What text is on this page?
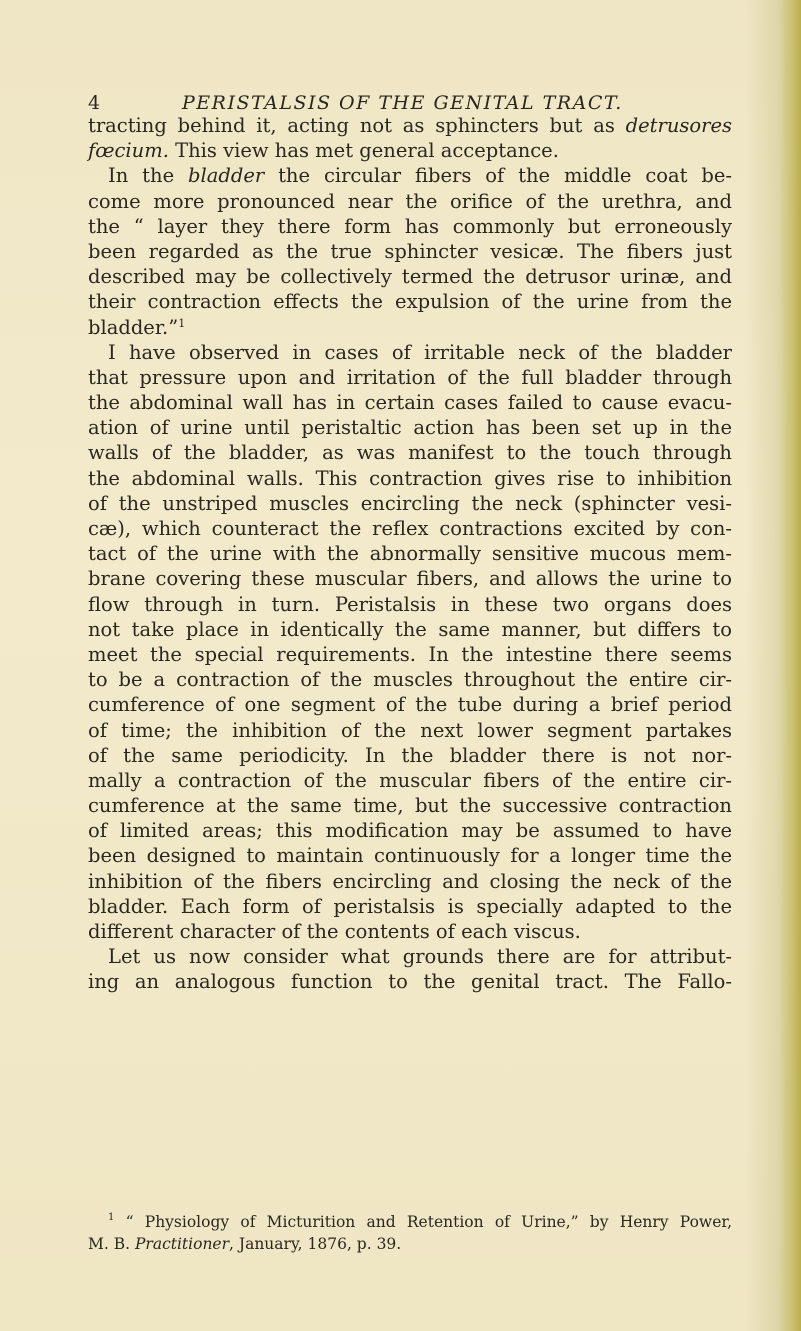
4	PERISTALSIS OF THE GENITAL TRACT.
tracting behind it, acting not as sphincters but as detrusores
fœcium. This view has met general acceptance.
In the bladder the circular fibers of the middle coat be-
come more pronounced near the orifice of the urethra, and
the “ layer they there form has commonly but erroneously
been regarded as the true sphincter vesicæ. The fibers just
described may be collectively termed the detrusor urinæ, and
their contraction effects the expulsion of the urine from the
bladder.”$^1$
I have observed in cases of irritable neck of the bladder
that pressure upon and irritation of the full bladder through
the abdominal wall has in certain cases failed to cause evacu-
ation of urine until peristaltic action has been set up in the
walls of the bladder, as was manifest to the touch through
the abdominal walls. This contraction gives rise to inhibition
of the unstriped muscles encircling the neck (sphincter vesi-
cæ), which counteract the reflex contractions excited by con-
tact of the urine with the abnormally sensitive mucous mem-
brane covering these muscular fibers, and allows the urine to
flow through in turn. Peristalsis in these two organs does
not take place in identically the same manner, but differs to
meet the special requirements. In the intestine there seems
to be a contraction of the muscles throughout the entire cir-
cumference of one segment of the tube during a brief period
of time; the inhibition of the next lower segment partakes
of the same periodicity. In the bladder there is not nor-
mally a contraction of the muscular fibers of the entire cir-
cumference at the same time, but the successive contraction
of limited areas; this modification may be assumed to have
been designed to maintain continuously for a longer time the
inhibition of the fibers encircling and closing the neck of the
bladder. Each form of peristalsis is specially adapted to the
different character of the contents of each viscus.
Let us now consider what grounds there are for attribut-
ing an analogous function to the genital tract. The Fallo-
$^1$ “ Physiology of Micturition and Retention of Urine,” by Henry Power,
M. B. Practitioner, January, 1876, p. 39.
